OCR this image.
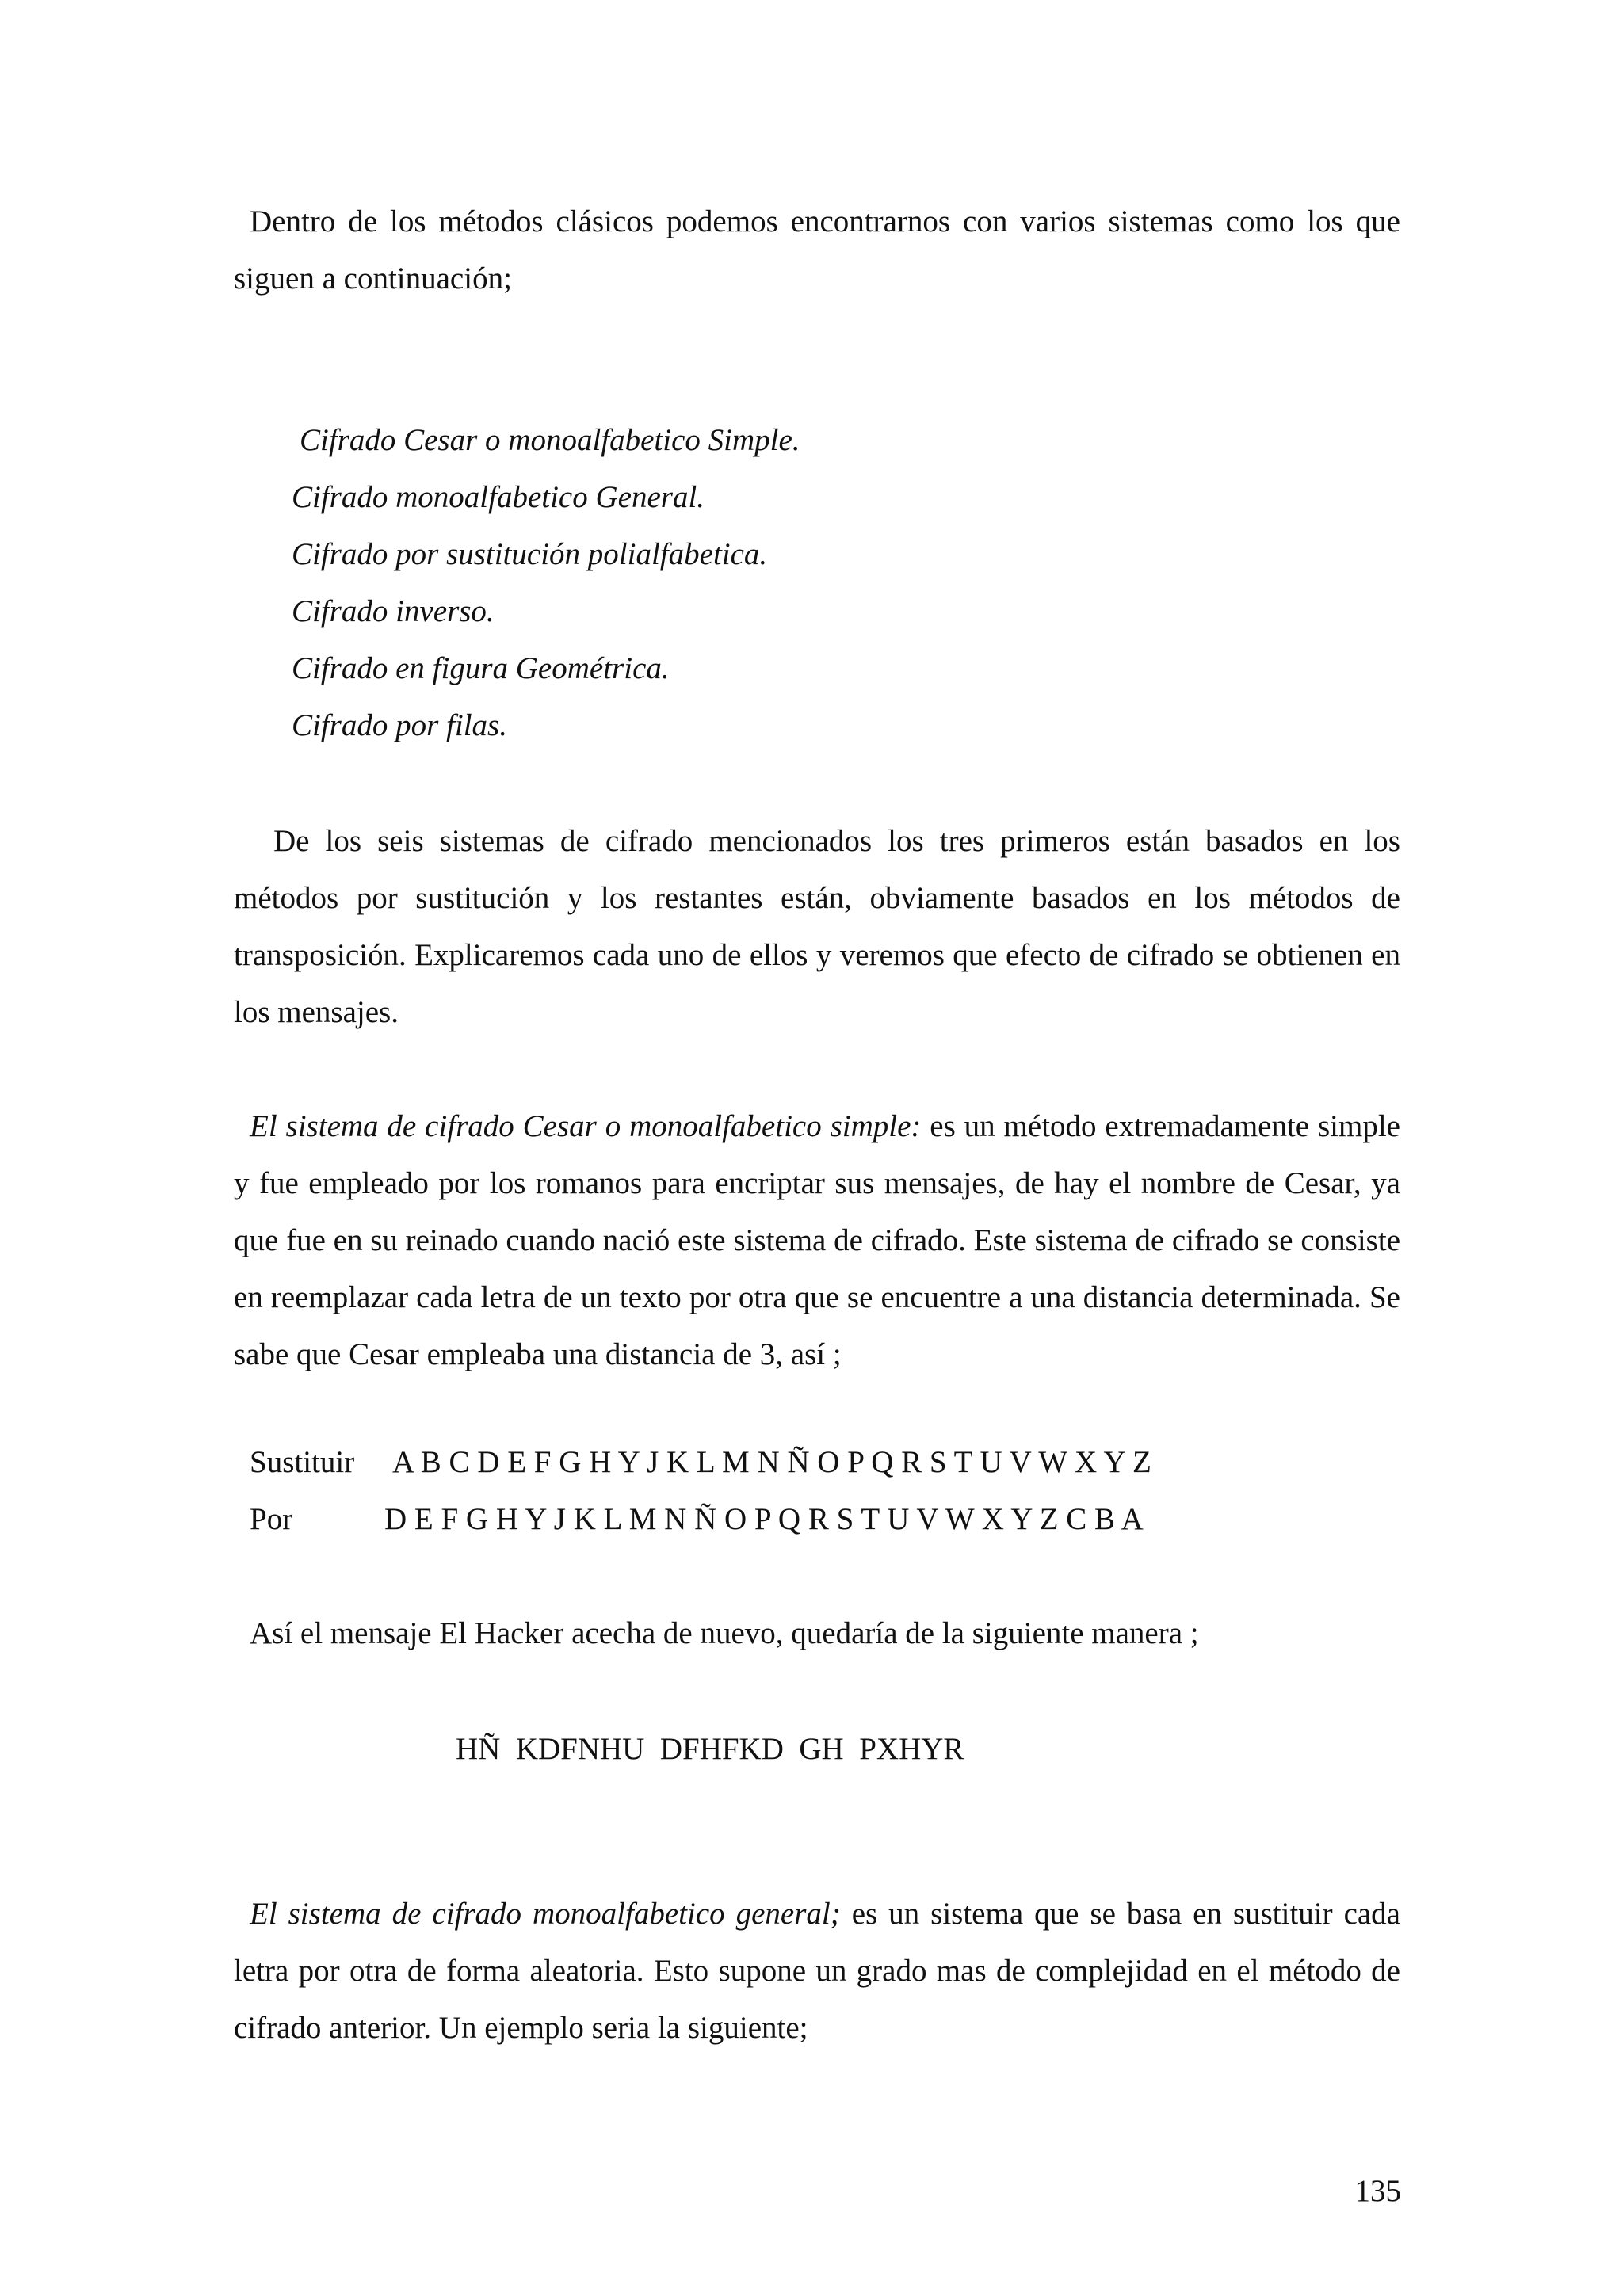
Dentro de los métodos clásicos podemos encontrarnos con varios sistemas como los que siguen a continuación;

Cifrado Cesar o monoalfabetico Simple.
Cifrado monoalfabetico General.
Cifrado por sustitución polialfabetica.
Cifrado inverso.
Cifrado en figura Geométrica.
Cifrado por filas.

De los seis sistemas de cifrado mencionados los tres primeros están basados en los métodos por sustitución y los restantes están, obviamente basados en los métodos de transposición. Explicaremos cada uno de ellos y veremos que efecto de cifrado se obtienen en los mensajes.

El sistema de cifrado Cesar o monoalfabetico simple: es un método extremadamente simple y fue empleado por los romanos para encriptar sus mensajes, de hay el nombre de Cesar, ya que fue en su reinado cuando nació este sistema de cifrado. Este sistema de cifrado se consiste en reemplazar cada letra de un texto por otra que se encuentre a una distancia determinada. Se sabe que Cesar empleaba una distancia de 3, así ;

Sustituir	A B C D E F G H Y J K L M N Ñ O P Q R S T U V W X Y Z
Por	D E F G H Y J K L M N Ñ O P Q R S T U V W X Y Z C B A

Así el mensaje El Hacker acecha de nuevo, quedaría de la siguiente manera ;

HÑ  KDFNHU  DFHFKD  GH  PXHYR

El sistema de cifrado monoalfabetico general; es un sistema que se basa en sustituir cada letra por otra de forma aleatoria. Esto supone un grado mas de complejidad en el método de cifrado anterior. Un ejemplo seria la siguiente;

135
